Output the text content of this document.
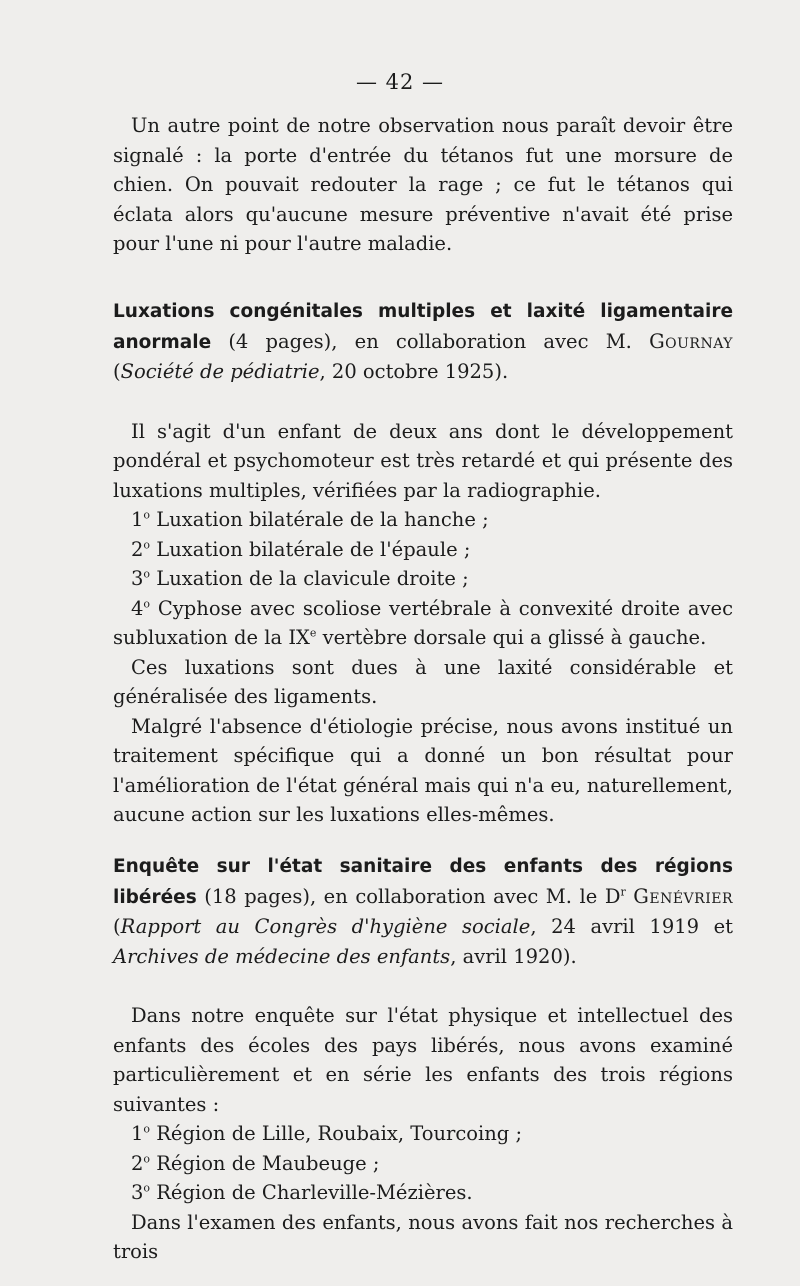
— 42 —

Un autre point de notre observation nous paraît devoir être signalé : la porte d'entrée du tétanos fut une morsure de chien. On pouvait redouter la rage ; ce fut le tétanos qui éclata alors qu'aucune mesure préventive n'avait été prise pour l'une ni pour l'autre maladie.

Luxations congénitales multiples et laxité ligamentaire anormale (4 pages), en collaboration avec M. Gournay (Société de pédiatrie, 20 octobre 1925).

Il s'agit d'un enfant de deux ans dont le développement pondéral et psychomoteur est très retardé et qui présente des luxations multiples, vérifiées par la radiographie.

1$^o$ Luxation bilatérale de la hanche ;

2$^o$ Luxation bilatérale de l'épaule ;

3$^o$ Luxation de la clavicule droite ;

4$^o$ Cyphose avec scoliose vertébrale à convexité droite avec subluxation de la IXe vertèbre dorsale qui a glissé à gauche.

Ces luxations sont dues à une laxité considérable et généralisée des ligaments.

Malgré l'absence d'étiologie précise, nous avons institué un traitement spécifique qui a donné un bon résultat pour l'amélioration de l'état général mais qui n'a eu, naturellement, aucune action sur les luxations elles-mêmes.

Enquête sur l'état sanitaire des enfants des régions libérées (18 pages), en collaboration avec M. le $D^r$ Genévrier (Rapport au Congrès d'hygiène sociale, 24 avril 1919 et Archives de médecine des enfants, avril 1920).

Dans notre enquête sur l'état physique et intellectuel des enfants des écoles des pays libérés, nous avons examiné particulièrement et en série les enfants des trois régions suivantes :

1$^o$ Région de Lille, Roubaix, Tourcoing ;

2$^o$ Région de Maubeuge ;

3$^o$ Région de Charleville-Mézières.

Dans l'examen des enfants, nous avons fait nos recherches à trois
